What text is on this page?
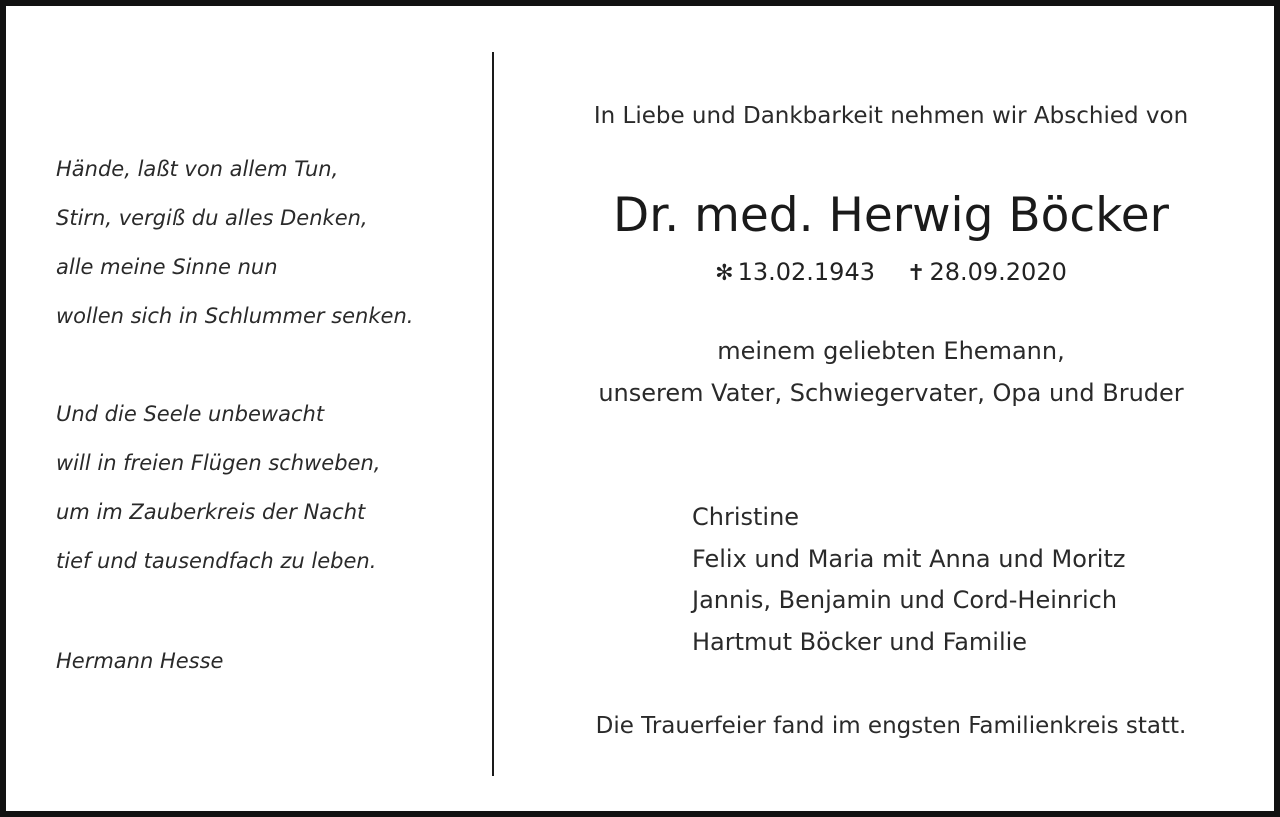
Hände, laßt von allem Tun,
Stirn, vergiß du alles Denken,
alle meine Sinne nun
wollen sich in Schlummer senken.
Und die Seele unbewacht
will in freien Flügen schweben,
um im Zauberkreis der Nacht
tief und tausendfach zu leben.
Hermann Hesse
In Liebe und Dankbarkeit nehmen wir Abschied von
Dr. med. Herwig Böcker
✻ 13.02.1943 ✝ 28.09.2020
meinem geliebten Ehemann,
unserem Vater, Schwiegervater, Opa und Bruder
Christine
Felix und Maria mit Anna und Moritz
Jannis, Benjamin und Cord-Heinrich
Hartmut Böcker und Familie
Die Trauerfeier fand im engsten Familienkreis statt.
